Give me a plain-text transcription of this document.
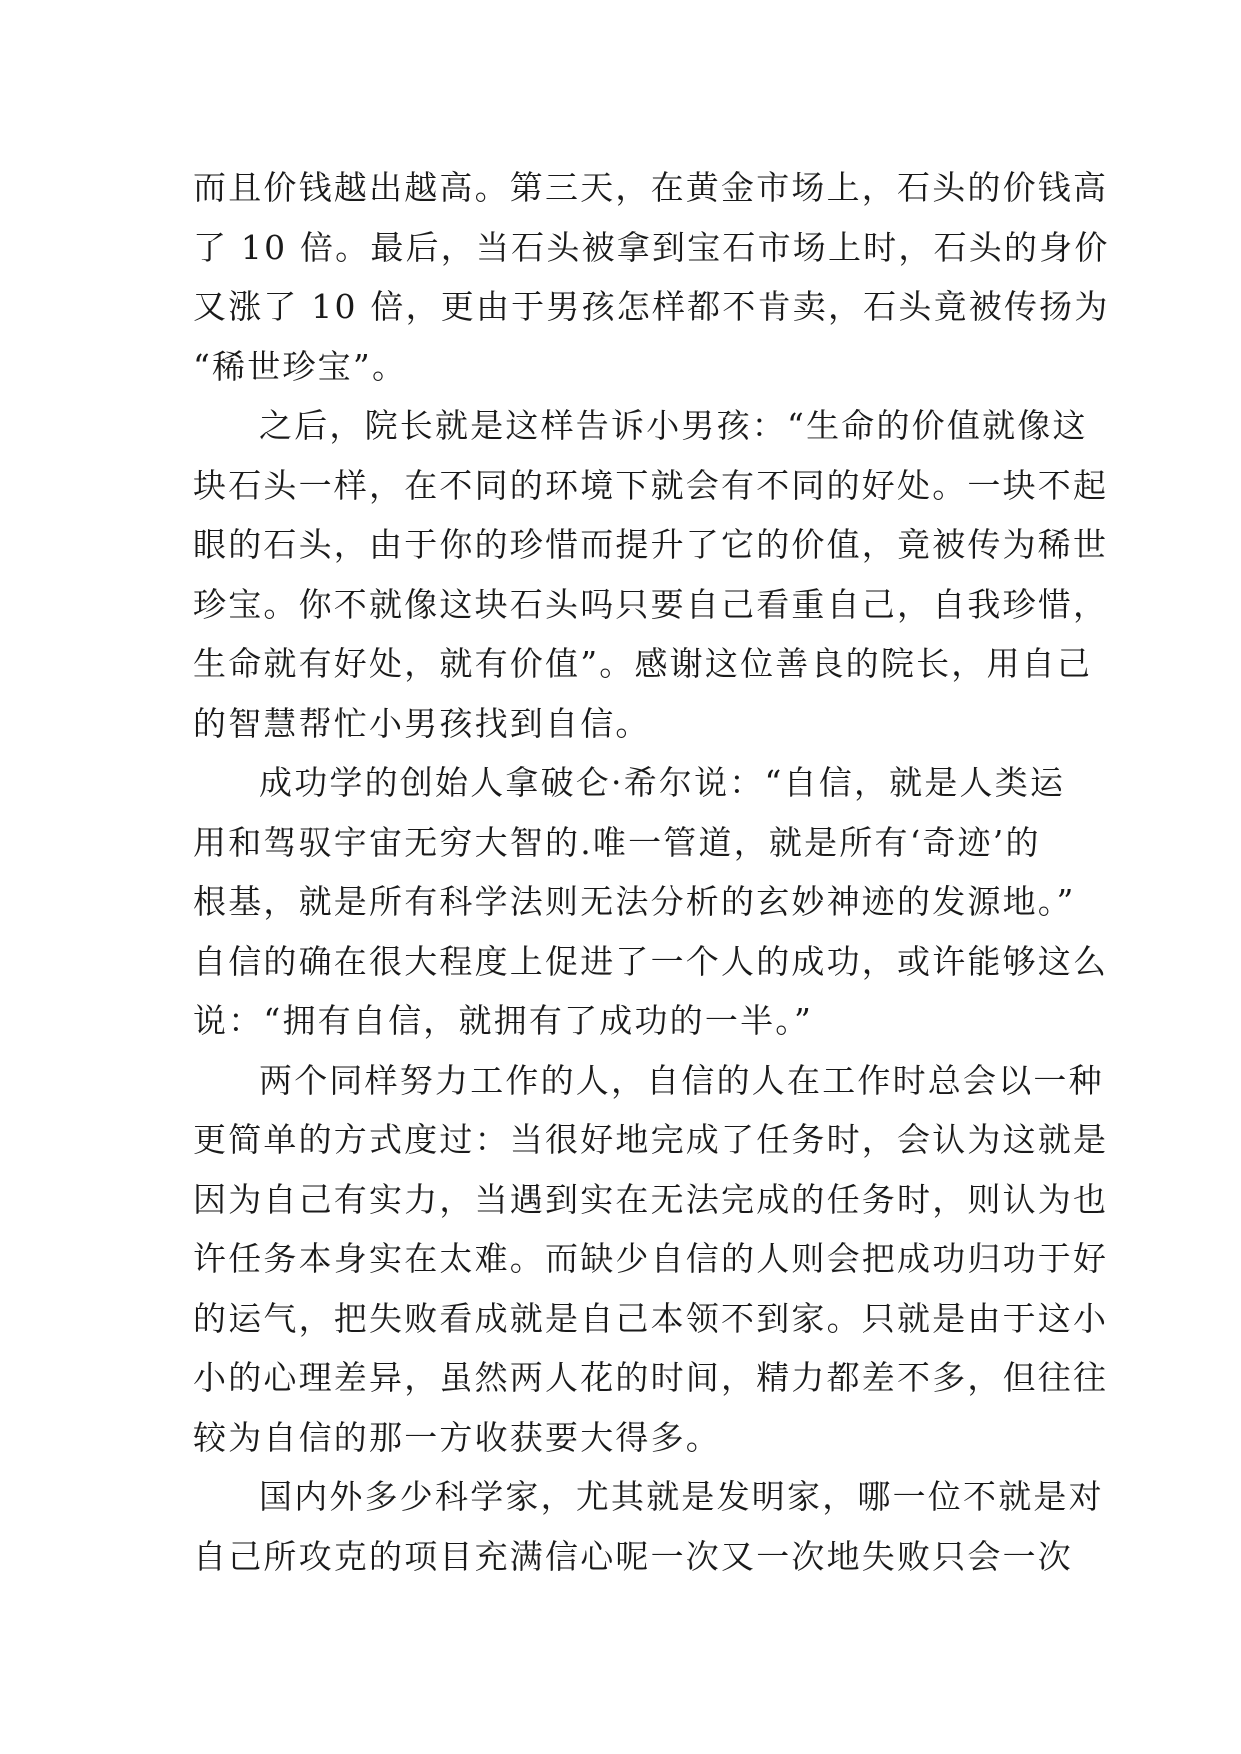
而且价钱越出越高。第三天，在黄金市场上，石头的价钱高
了 10 倍。最后，当石头被拿到宝石市场上时，石头的身价
又涨了 10 倍，更由于男孩怎样都不肯卖，石头竟被传扬为
“稀世珍宝”。
之后，院长就是这样告诉小男孩：“生命的价值就像这
块石头一样，在不同的环境下就会有不同的好处。一块不起
眼的石头，由于你的珍惜而提升了它的价值，竟被传为稀世
珍宝。你不就像这块石头吗只要自己看重自己，自我珍惜，
生命就有好处，就有价值”。感谢这位善良的院长，用自己
的智慧帮忙小男孩找到自信。
成功学的创始人拿破仑·希尔说：“自信，就是人类运
用和驾驭宇宙无穷大智的.唯一管道，就是所有‘奇迹’的
根基，就是所有科学法则无法分析的玄妙神迹的发源地。”
自信的确在很大程度上促进了一个人的成功，或许能够这么
说：“拥有自信，就拥有了成功的一半。”
两个同样努力工作的人，自信的人在工作时总会以一种
更简单的方式度过：当很好地完成了任务时，会认为这就是
因为自己有实力，当遇到实在无法完成的任务时，则认为也
许任务本身实在太难。而缺少自信的人则会把成功归功于好
的运气，把失败看成就是自己本领不到家。只就是由于这小
小的心理差异，虽然两人花的时间，精力都差不多，但往往
较为自信的那一方收获要大得多。
国内外多少科学家，尤其就是发明家，哪一位不就是对
自己所攻克的项目充满信心呢一次又一次地失败只会一次
